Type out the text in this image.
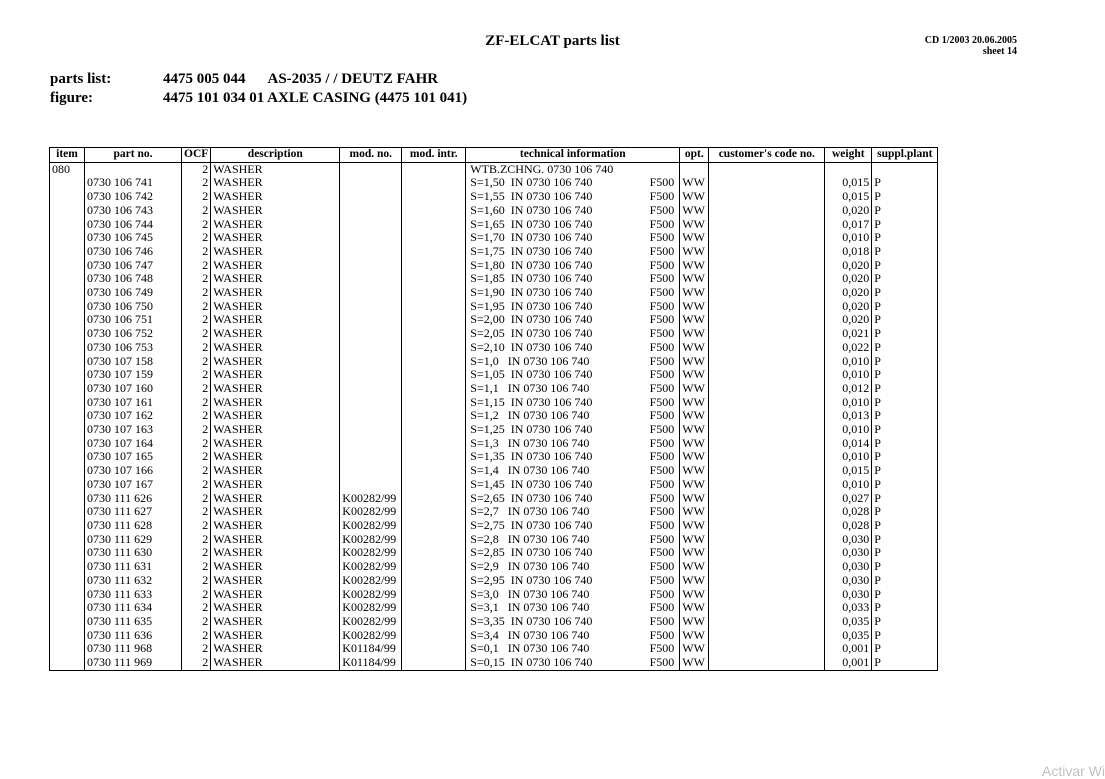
ZF-ELCAT parts list	CD 1/2003 20.06.2005
sheet 14
parts list:	4475 005 044 AS-2035 / / DEUTZ FAHR
figure:	4475 101 034 01 AXLE CASING (4475 101 041)
item	part no.	OCF	description	mod. no.	mod. intr.	technical information	opt.	customer's code no.	weight	suppl.plant
080		2	WASHER			WTB.ZCHNG. 0730 106 740				

	0730 106 741	2	WASHER			S=1,50  IN 0730 106 740 F500	WW		0,015	P
	0730 106 742	2	WASHER			S=1,55  IN 0730 106 740 F500	WW		0,015	P
	0730 106 743	2	WASHER			S=1,60  IN 0730 106 740 F500	WW		0,020	P
	0730 106 744	2	WASHER			S=1,65  IN 0730 106 740 F500	WW		0,017	P
	0730 106 745	2	WASHER			S=1,70  IN 0730 106 740 F500	WW		0,010	P
	0730 106 746	2	WASHER			S=1,75  IN 0730 106 740 F500	WW		0,018	P
	0730 106 747	2	WASHER			S=1,80  IN 0730 106 740 F500	WW		0,020	P
	0730 106 748	2	WASHER			S=1,85  IN 0730 106 740 F500	WW		0,020	P
	0730 106 749	2	WASHER			S=1,90  IN 0730 106 740 F500	WW		0,020	P
	0730 106 750	2	WASHER			S=1,95  IN 0730 106 740 F500	WW		0,020	P
	0730 106 751	2	WASHER			S=2,00  IN 0730 106 740 F500	WW		0,020	P
	0730 106 752	2	WASHER			S=2,05  IN 0730 106 740 F500	WW		0,021	P
	0730 106 753	2	WASHER			S=2,10  IN 0730 106 740 F500	WW		0,022	P
	0730 107 158	2	WASHER			S=1,0   IN 0730 106 740 F500	WW		0,010	P
	0730 107 159	2	WASHER			S=1,05  IN 0730 106 740 F500	WW		0,010	P
	0730 107 160	2	WASHER			S=1,1   IN 0730 106 740 F500	WW		0,012	P
	0730 107 161	2	WASHER			S=1,15  IN 0730 106 740 F500	WW		0,010	P
	0730 107 162	2	WASHER			S=1,2   IN 0730 106 740 F500	WW		0,013	P
	0730 107 163	2	WASHER			S=1,25  IN 0730 106 740 F500	WW		0,010	P
	0730 107 164	2	WASHER			S=1,3   IN 0730 106 740 F500	WW		0,014	P
	0730 107 165	2	WASHER			S=1,35  IN 0730 106 740 F500	WW		0,010	P
	0730 107 166	2	WASHER			S=1,4   IN 0730 106 740 F500	WW		0,015	P
	0730 107 167	2	WASHER			S=1,45  IN 0730 106 740 F500	WW		0,010	P
	0730 111 626	2	WASHER	K00282/99		S=2,65  IN 0730 106 740 F500	WW		0,027	P
	0730 111 627	2	WASHER	K00282/99		S=2,7   IN 0730 106 740 F500	WW		0,028	P
	0730 111 628	2	WASHER	K00282/99		S=2,75  IN 0730 106 740 F500	WW		0,028	P
	0730 111 629	2	WASHER	K00282/99		S=2,8   IN 0730 106 740 F500	WW		0,030	P
	0730 111 630	2	WASHER	K00282/99		S=2,85  IN 0730 106 740 F500	WW		0,030	P
	0730 111 631	2	WASHER	K00282/99		S=2,9   IN 0730 106 740 F500	WW		0,030	P
	0730 111 632	2	WASHER	K00282/99		S=2,95  IN 0730 106 740 F500	WW		0,030	P
	0730 111 633	2	WASHER	K00282/99		S=3,0   IN 0730 106 740 F500	WW		0,030	P
	0730 111 634	2	WASHER	K00282/99		S=3,1   IN 0730 106 740 F500	WW		0,033	P
	0730 111 635	2	WASHER	K00282/99		S=3,35  IN 0730 106 740 F500	WW		0,035	P
	0730 111 636	2	WASHER	K00282/99		S=3,4   IN 0730 106 740 F500	WW		0,035	P
	0730 111 968	2	WASHER	K01184/99		S=0,1   IN 0730 106 740 F500	WW		0,001	P
	0730 111 969	2	WASHER	K01184/99		S=0,15  IN 0730 106 740 F500	WW		0,001	P
Activar Wi
